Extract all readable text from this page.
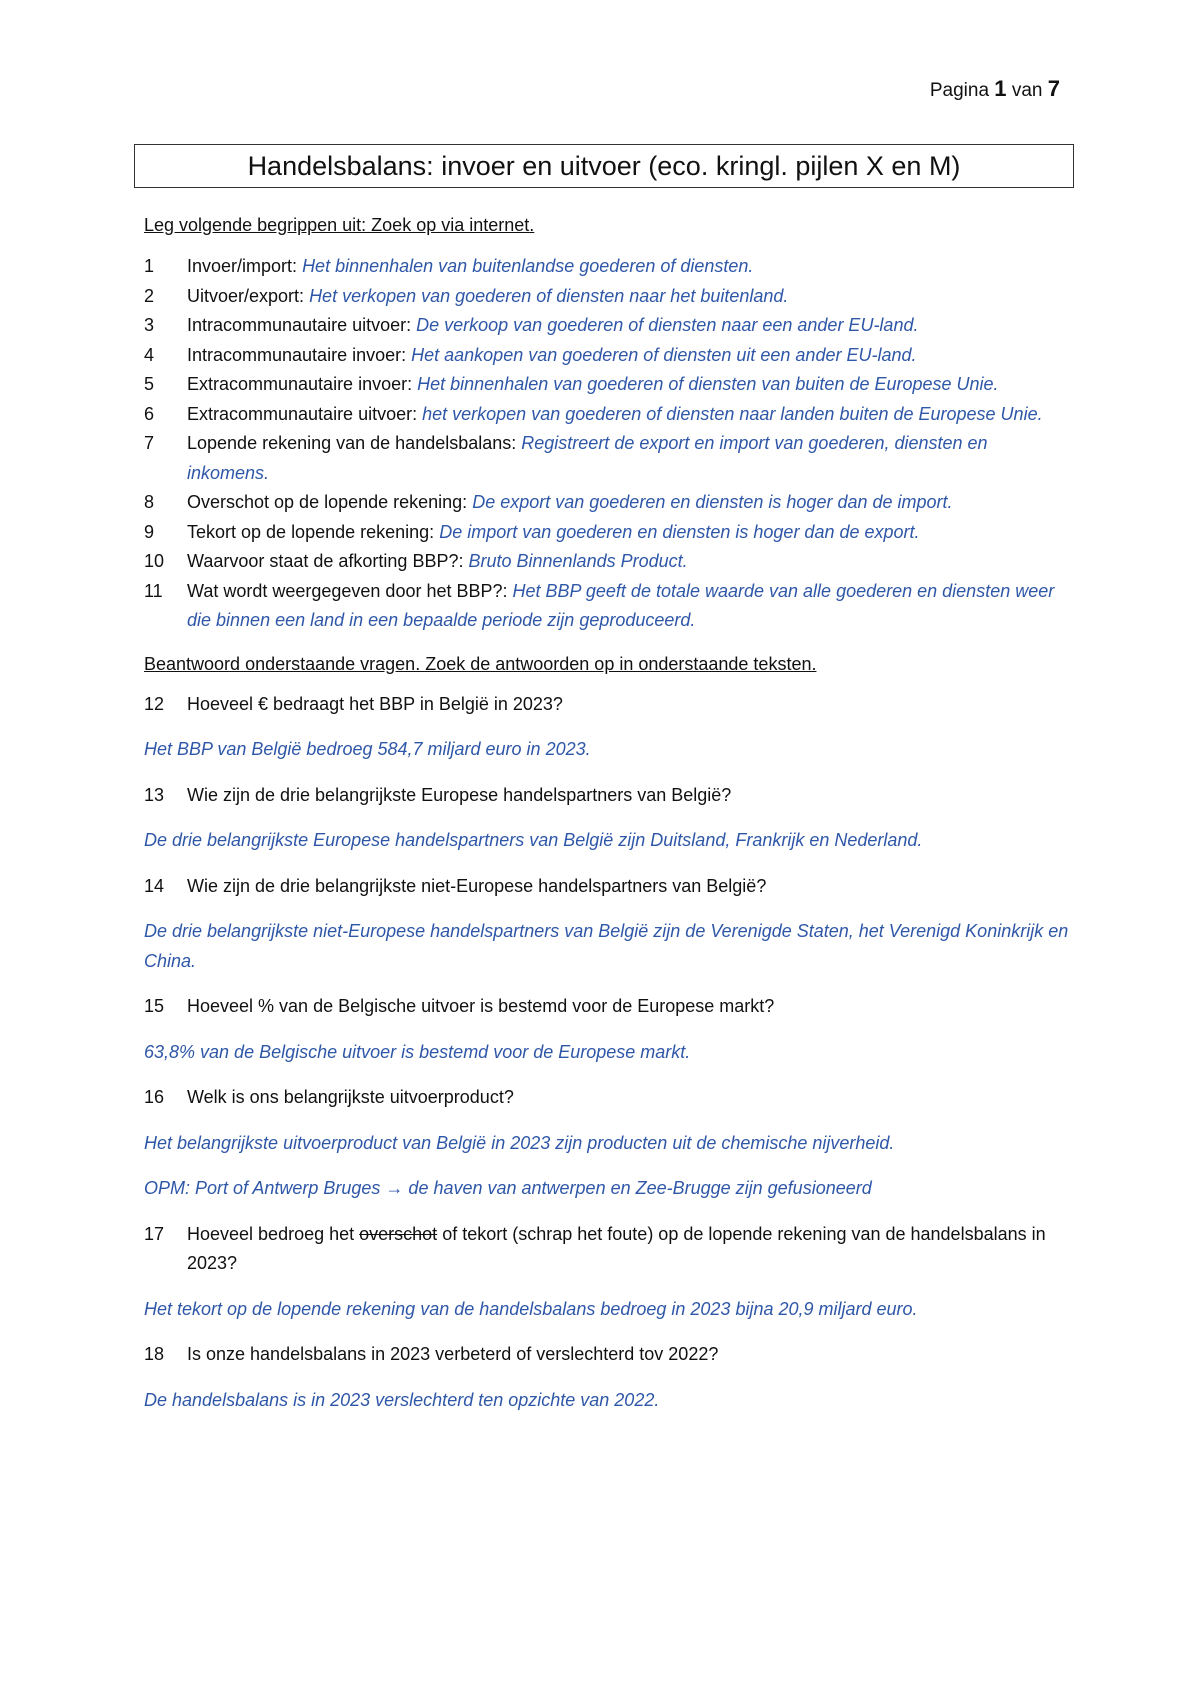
Pagina 1 van 7
Handelsbalans: invoer en uitvoer (eco. kringl. pijlen X en M)

Leg volgende begrippen uit: Zoek op via internet.

1	Invoer/import: Het binnenhalen van buitenlandse goederen of diensten.
2	Uitvoer/export: Het verkopen van goederen of diensten naar het buitenland.
3	Intracommunautaire uitvoer: De verkoop van goederen of diensten naar een ander EU-land.
4	Intracommunautaire invoer: Het aankopen van goederen of diensten uit een ander EU-land.
5	Extracommunautaire invoer: Het binnenhalen van goederen of diensten van buiten de Europese Unie.
6	Extracommunautaire uitvoer: het verkopen van goederen of diensten naar landen buiten de Europese Unie.
7	Lopende rekening van de handelsbalans: Registreert de export en import van goederen, diensten en inkomens.
8	Overschot op de lopende rekening: De export van goederen en diensten is hoger dan de import.
9	Tekort op de lopende rekening: De import van goederen en diensten is hoger dan de export.
10	Waarvoor staat de afkorting BBP?: Bruto Binnenlands Product.
11	Wat wordt weergegeven door het BBP?: Het BBP geeft de totale waarde van alle goederen en diensten weer die binnen een land in een bepaalde periode zijn geproduceerd.

Beantwoord onderstaande vragen. Zoek de antwoorden op in onderstaande teksten.

12	Hoeveel € bedraagt het BBP in België in 2023?

Het BBP van België bedroeg 584,7 miljard euro in 2023.

13	Wie zijn de drie belangrijkste Europese handelspartners van België?

De drie belangrijkste Europese handelspartners van België zijn Duitsland, Frankrijk en Nederland.

14	Wie zijn de drie belangrijkste niet-Europese handelspartners van België?

De drie belangrijkste niet-Europese handelspartners van België zijn de Verenigde Staten, het Verenigd Koninkrijk en China.

15	Hoeveel % van de Belgische uitvoer is bestemd voor de Europese markt?

63,8% van de Belgische uitvoer is bestemd voor de Europese markt.

16	Welk is ons belangrijkste uitvoerproduct?

Het belangrijkste uitvoerproduct van België in 2023 zijn producten uit de chemische nijverheid.

OPM: Port of Antwerp Bruges → de haven van antwerpen en Zee-Brugge zijn gefusioneerd

17	Hoeveel bedroeg het overschot of tekort (schrap het foute) op de lopende rekening van de handelsbalans in 2023?

Het tekort op de lopende rekening van de handelsbalans bedroeg in 2023 bijna 20,9 miljard euro.

18	Is onze handelsbalans in 2023 verbeterd of verslechterd tov 2022?

De handelsbalans is in 2023 verslechterd ten opzichte van 2022.
